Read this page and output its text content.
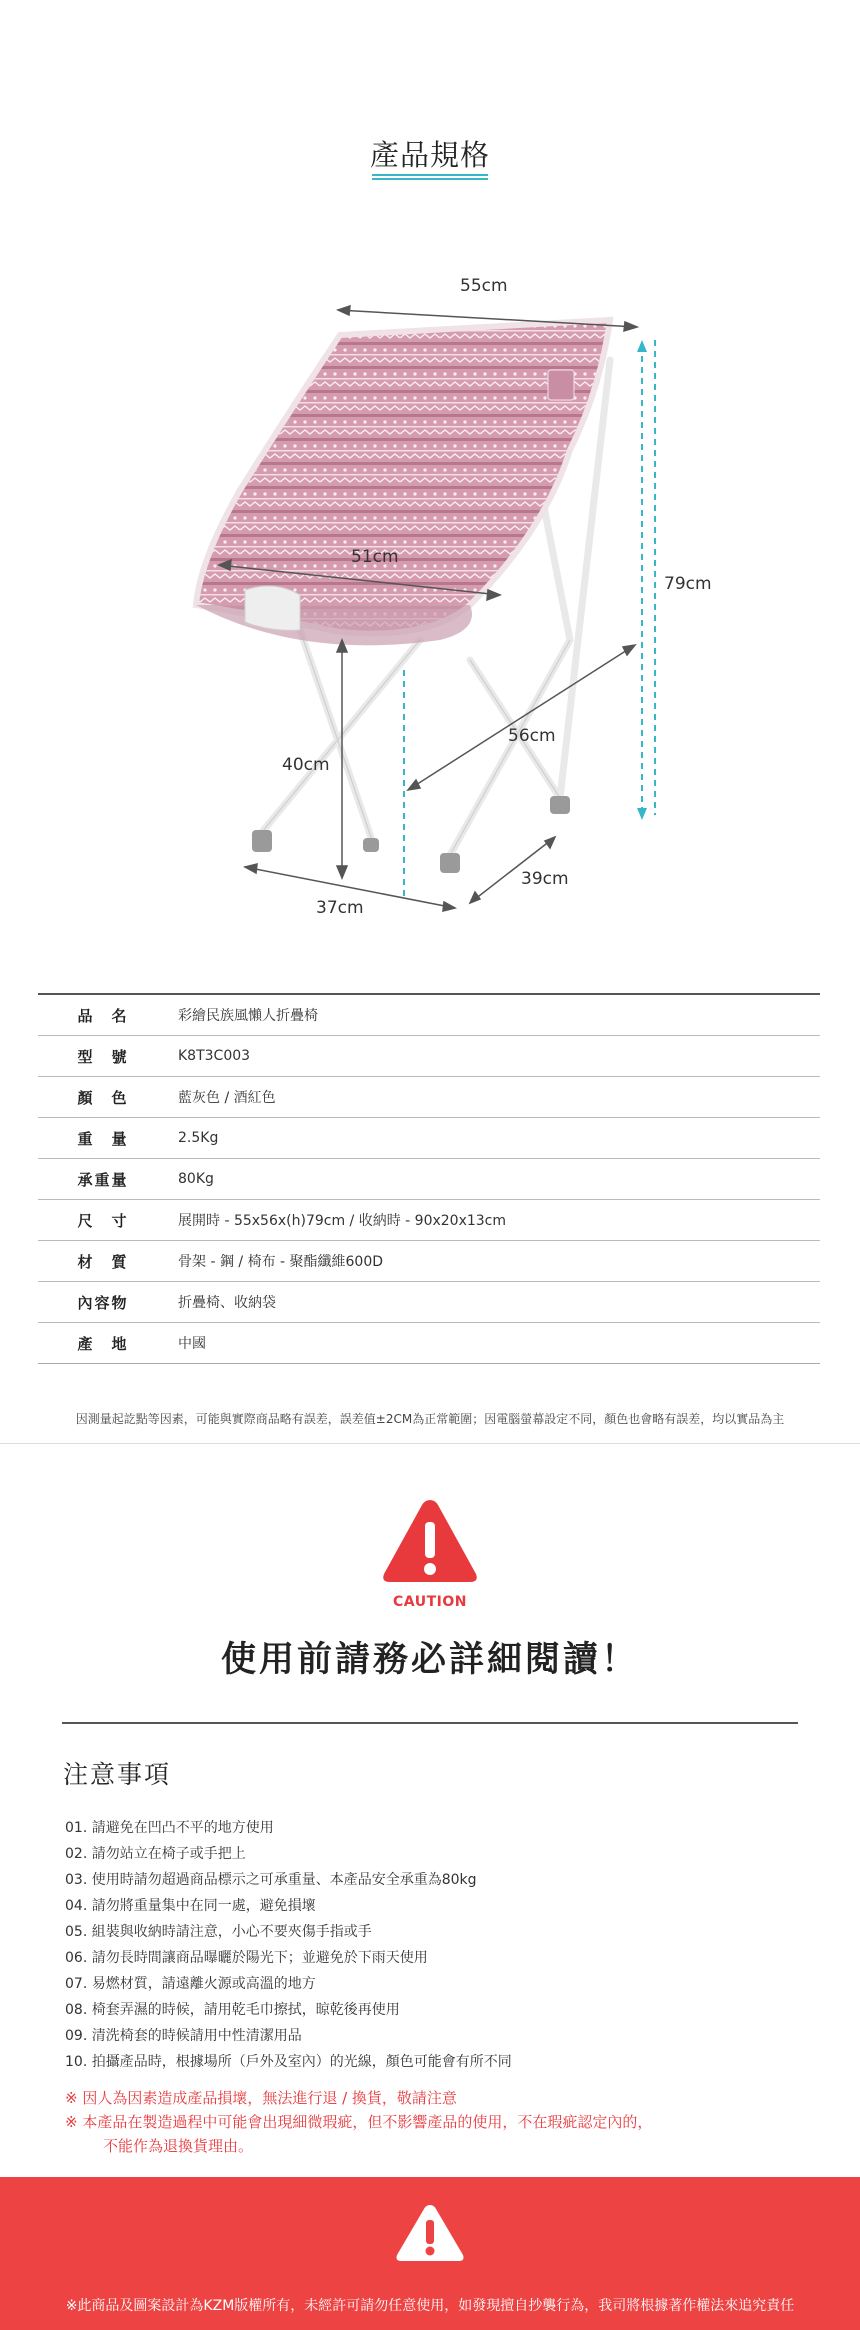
產品規格
55cm
79cm
51cm
56cm
40cm
37cm
39cm
品　名	彩繪民族風懶人折疊椅
型　號	K8T3C003
顏　色	藍灰色 / 酒紅色
重　量	2.5Kg
承重量	80Kg
尺　寸	展開時 - 55x56x(h)79cm / 收納時 - 90x20x13cm
材　質	骨架 - 鋼 / 椅布 - 聚酯纖維600D
內容物	折疊椅、收納袋
產　地	中國
因測量起訖點等因素，可能與實際商品略有誤差，誤差值±2CM為正常範圍；因電腦螢幕設定不同，顏色也會略有誤差，均以實品為主
CAUTION
使用前請務必詳細閱讀！
注意事項
01. 請避免在凹凸不平的地方使用
02. 請勿站立在椅子或手把上
03. 使用時請勿超過商品標示之可承重量、本產品安全承重為80kg
04. 請勿將重量集中在同一處，避免損壞
05. 組裝與收納時請注意，小心不要夾傷手指或手
06. 請勿長時間讓商品曝曬於陽光下；並避免於下雨天使用
07. 易燃材質，請遠離火源或高溫的地方
08. 椅套弄濕的時候，請用乾毛巾擦拭，晾乾後再使用
09. 清洗椅套的時候請用中性清潔用品
10. 拍攝產品時，根據場所（戶外及室內）的光線，顏色可能會有所不同

※ 因人為因素造成產品損壞，無法進行退 / 換貨，敬請注意

※ 本產品在製造過程中可能會出現細微瑕疵，但不影響產品的使用，不在瑕疵認定內的，

不能作為退換貨理由。

※此商品及圖案設計為KZM版權所有，未經許可請勿任意使用，如發現擅自抄襲行為，我司將根據著作權法來追究責任
